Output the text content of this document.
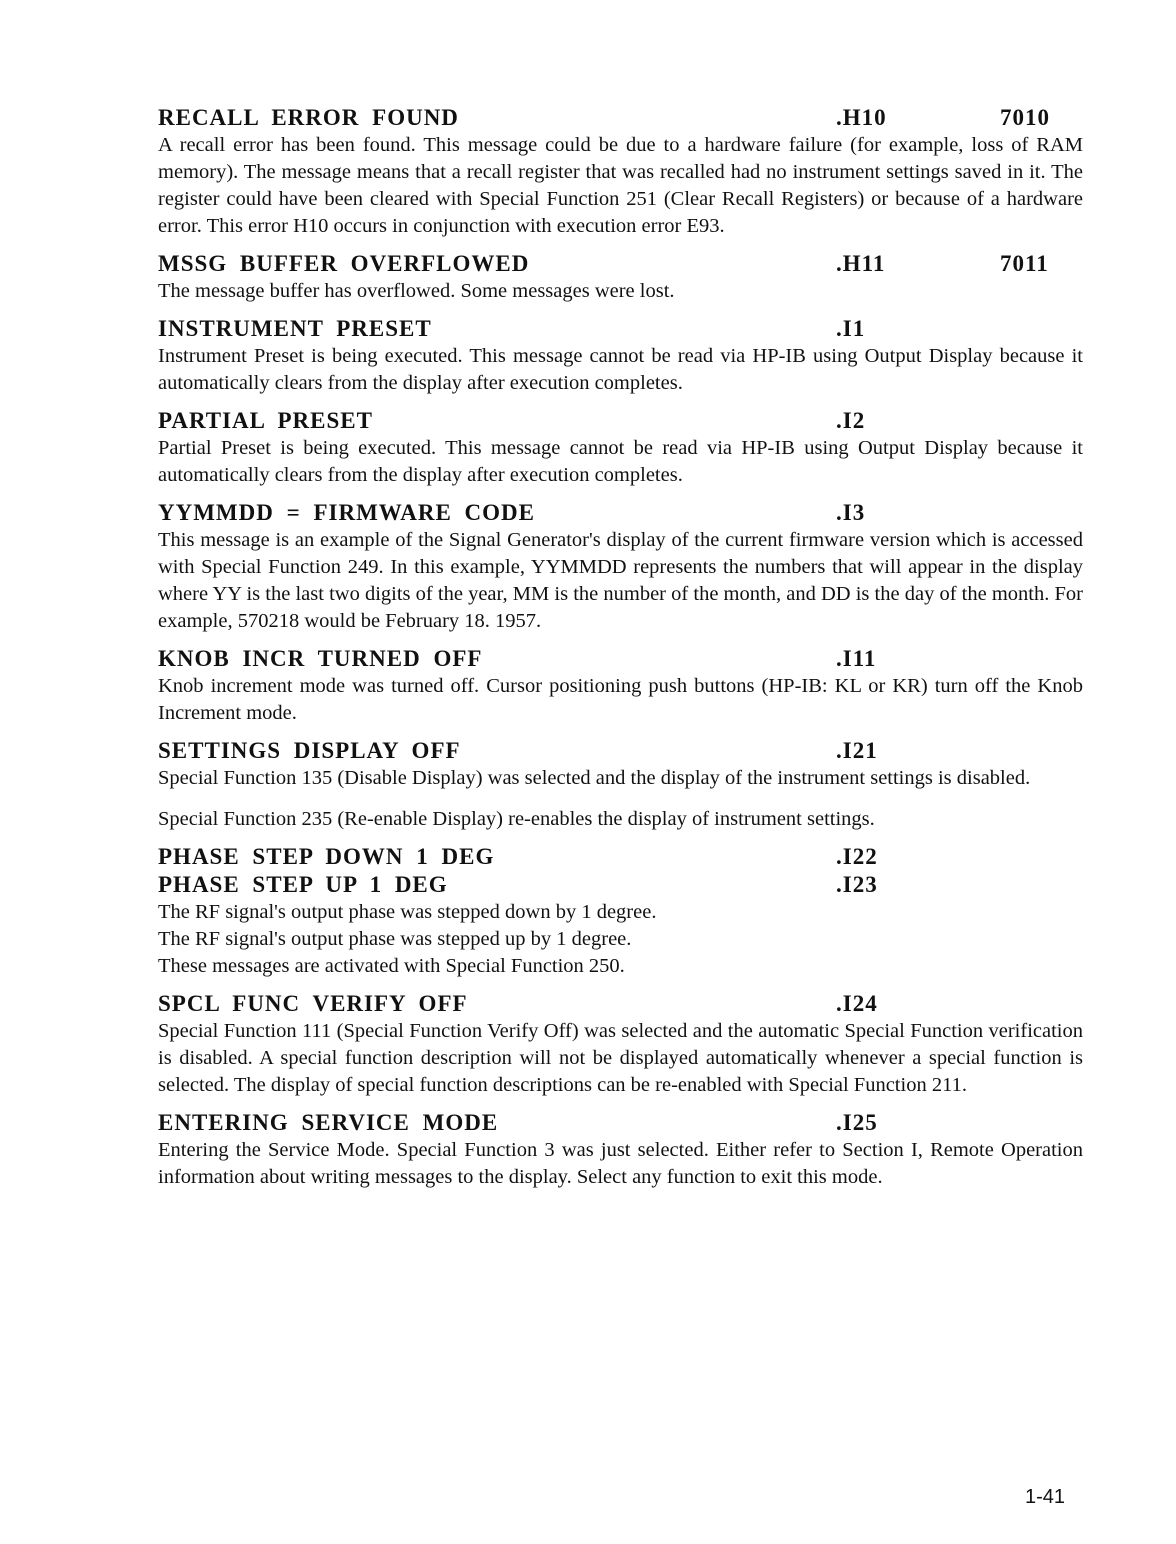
RECALL ERROR FOUND	.H10	7010

A recall error has been found. This message could be due to a hardware failure (for example, loss of RAM memory). The message means that a recall register that was recalled had no instrument settings saved in it. The register could have been cleared with Special Function 251 (Clear Recall Registers) or because of a hardware error. This error H10 occurs in conjunction with execution error E93.

MSSG BUFFER OVERFLOWED	.H11	7011

The message buffer has overflowed. Some messages were lost.

INSTRUMENT PRESET	.I1

Instrument Preset is being executed. This message cannot be read via HP-IB using Output Display because it automatically clears from the display after execution completes.

PARTIAL PRESET	.I2

Partial Preset is being executed. This message cannot be read via HP-IB using Output Display because it automatically clears from the display after execution completes.

YYMMDD = FIRMWARE CODE	.I3

This message is an example of the Signal Generator's display of the current firmware version which is accessed with Special Function 249. In this example, YYMMDD represents the numbers that will appear in the display where YY is the last two digits of the year, MM is the number of the month, and DD is the day of the month. For example, 570218 would be February 18. 1957.

KNOB INCR TURNED OFF	.I11

Knob increment mode was turned off. Cursor positioning push buttons (HP-IB: KL or KR) turn off the Knob Increment mode.

SETTINGS DISPLAY OFF	.I21

Special Function 135 (Disable Display) was selected and the display of the instrument settings is disabled.

Special Function 235 (Re-enable Display) re-enables the display of instrument settings.

PHASE STEP DOWN 1 DEG	.I22
PHASE STEP UP 1 DEG	.I23

The RF signal's output phase was stepped down by 1 degree.

The RF signal's output phase was stepped up by 1 degree.

These messages are activated with Special Function 250.

SPCL FUNC VERIFY OFF	.I24

Special Function 111 (Special Function Verify Off) was selected and the automatic Special Function verification is disabled. A special function description will not be displayed automatically whenever a special function is selected. The display of special function descriptions can be re-enabled with Special Function 211.

ENTERING SERVICE MODE	.I25

Entering the Service Mode. Special Function 3 was just selected. Either refer to Section I, Remote Operation information about writing messages to the display. Select any function to exit this mode.

1-41
